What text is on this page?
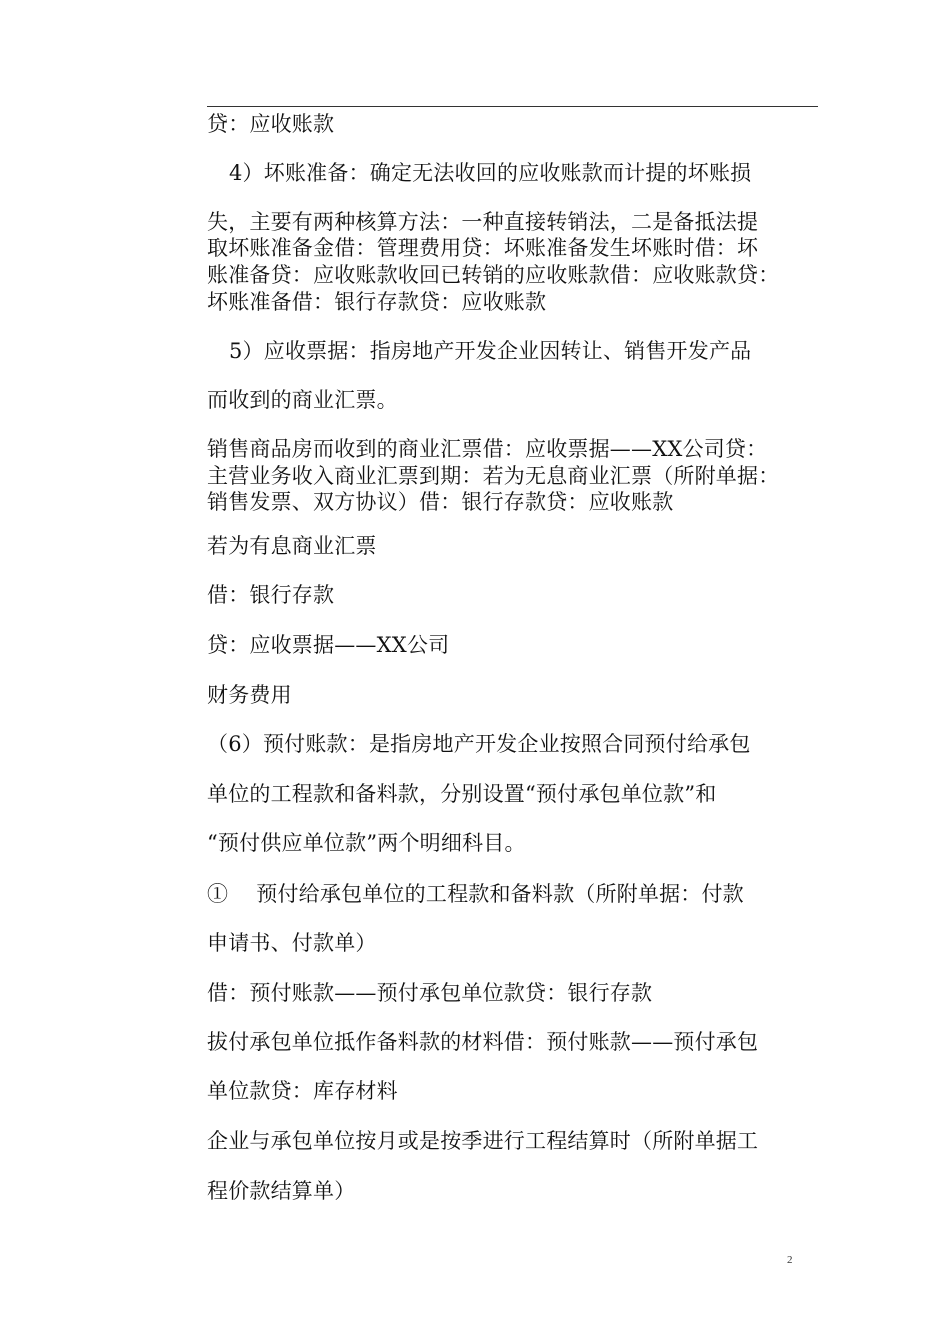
贷：应收账款
4）坏账准备：确定无法收回的应收账款而计提的坏账损
失，主要有两种核算方法：一种直接转销法，二是备抵法提
取坏账准备金借：管理费用贷：坏账准备发生坏账时借：坏
账准备贷：应收账款收回已转销的应收账款借：应收账款贷：
坏账准备借：银行存款贷：应收账款
5）应收票据：指房地产开发企业因转让、销售开发产品
而收到的商业汇票。
销售商品房而收到的商业汇票借：应收票据——XX公司贷：
主营业务收入商业汇票到期：若为无息商业汇票（所附单据：
销售发票、双方协议）借：银行存款贷：应收账款
若为有息商业汇票
借：银行存款
贷：应收票据——XX公司
财务费用
（6）预付账款：是指房地产开发企业按照合同预付给承包
单位的工程款和备料款，分别设置“预付承包单位款”和
“预付供应单位款”两个明细科目。
①　 预付给承包单位的工程款和备料款（所附单据：付款
申请书、付款单）
借：预付账款——预付承包单位款贷：银行存款
拔付承包单位抵作备料款的材料借：预付账款——预付承包
单位款贷：库存材料
企业与承包单位按月或是按季进行工程结算时（所附单据工
程价款结算单）
2
